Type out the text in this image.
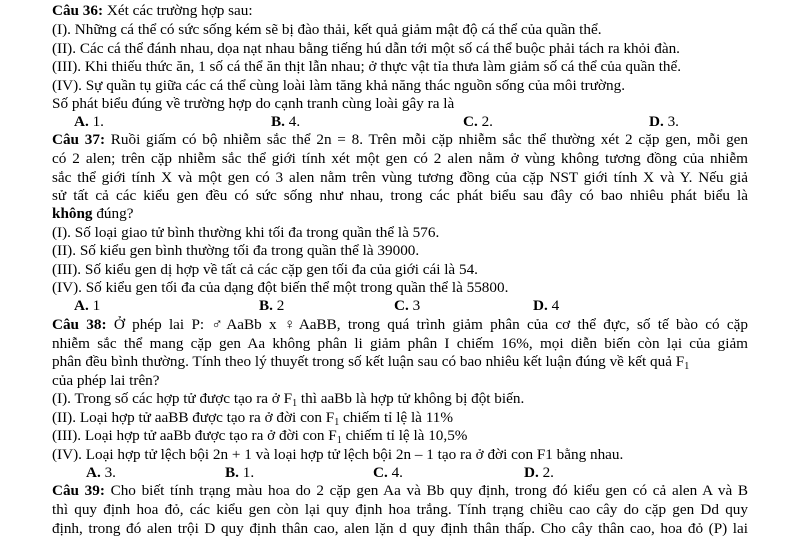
Câu 36: Xét các trường hợp sau:
(I). Những cá thể có sức sống kém sẽ bị đào thải, kết quả giảm mật độ cá thể của quần thể.
(II). Các cá thể đánh nhau, dọa nạt nhau bằng tiếng hú dẫn tới một số cá thể buộc phải tách ra khỏi đàn.
(III). Khi thiếu thức ăn, 1 số cá thể ăn thịt lẫn nhau; ở thực vật tỉa thưa làm giảm số cá thể của quần thể.
(IV). Sự quần tụ giữa các cá thể cùng loài làm tăng khả năng thác nguồn sống của môi trường.
Số phát biểu đúng về trường hợp do cạnh tranh cùng loài gây ra là
A. 1.	B. 4.	C. 2.	D. 3.
Câu 37: Ruồi giấm có bộ nhiễm sắc thể 2n = 8. Trên mỗi cặp nhiễm sắc thể thường xét 2 cặp gen, mỗi gen
có 2 alen; trên cặp nhiễm sắc thể giới tính xét một gen có 2 alen nằm ở vùng không tương đồng của nhiễm
sắc thể giới tính X và một gen có 3 alen nằm trên vùng tương đồng của cặp NST giới tính X và Y. Nếu giả
sử tất cả các kiểu gen đều có sức sống như nhau, trong các phát biểu sau đây có bao nhiêu phát biểu là
không đúng?
(I). Số loại giao tử bình thường khi tối đa trong quần thể là 576.
(II). Số kiểu gen bình thường tối đa trong quần thể là 39000.
(III). Số kiểu gen dị hợp về tất cả các cặp gen tối đa của giới cái là 54.
(IV). Số kiểu gen tối đa của dạng đột biến thể một trong quần thể là 55800.
A. 1	B. 2	C. 3	D. 4
Câu 38: Ở phép lai P: ♂AaBb x ♀AaBB, trong quá trình giảm phân của cơ thể đực, số tế bào có cặp
nhiễm sắc thể mang cặp gen Aa không phân li giảm phân I chiếm 16%, mọi diễn biến còn lại của giảm
phân đều bình thường. Tính theo lý thuyết trong số kết luận sau có bao nhiêu kết luận đúng về kết quả $F_1$
của phép lai trên?
(I). Trong số các hợp tử được tạo ra ở $F_1$ thì aaBb là hợp tử không bị đột biến.
(II). Loại hợp tử aaBB được tạo ra ở đời con $F_1$ chiếm tỉ lệ là 11%
(III). Loại hợp tử aaBb được tạo ra ở đời con $F_1$ chiếm tỉ lệ là 10,5%
(IV). Loại hợp tử lệch bội 2n + 1 và loại hợp tử lệch bội 2n – 1 tạo ra ở đời con F1 bằng nhau.
A. 3.	B. 1.	C. 4.	D. 2.
Câu 39: Cho biết tính trạng màu hoa do 2 cặp gen Aa và Bb quy định, trong đó kiểu gen có cả alen A và B
thì quy định hoa đỏ, các kiểu gen còn lại quy định hoa trắng. Tính trạng chiều cao cây do cặp gen Dd quy
định, trong đó alen trội D quy định thân cao, alen lặn d quy định thân thấp. Cho cây thân cao, hoa đỏ (P) lai
